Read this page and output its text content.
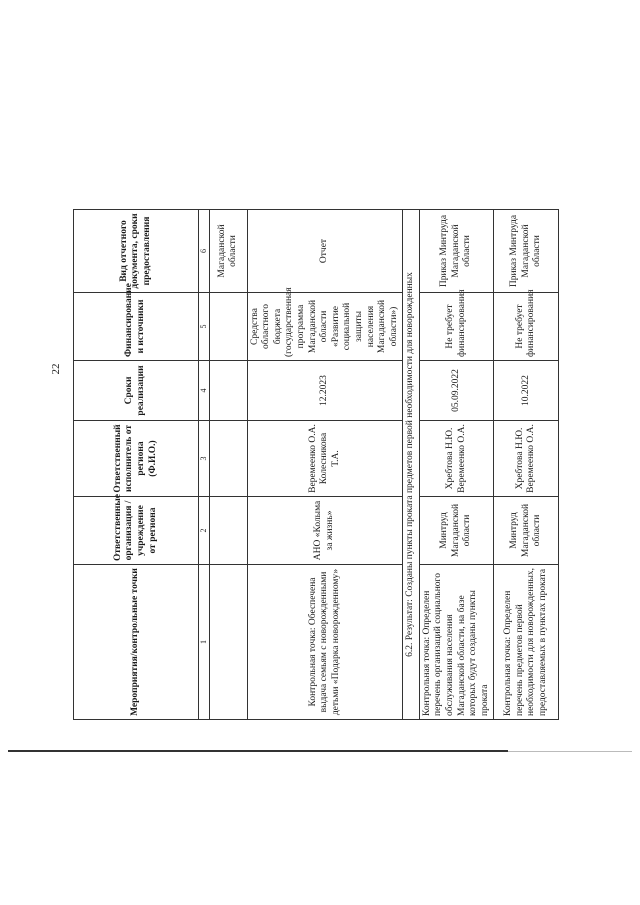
22
Мероприятия/контрольные точки	Ответственные организация / учреждение от региона	Ответственный исполнитель от региона (Ф.И.О.)	Сроки реализации	Финансирование и источники	Вид отчетного документа, сроки предоставления	
1	2	3	4	5	6	
					Магаданской области	
Контрольная точка: Обеспечена выдача семьям с новорожденными детьми «Подарка новорожденному»	АНО «Колыма за жизнь»	Веремеенко О.А. Колесникова Т.А.	12.2023	Средства областного бюджета (государственная программа Магаданской области «Развитие социальной защиты населения Магаданской области»)	Отчет	
6.2. Результат: Созданы пункты проката предметов первой необходимости для новорожденных						
Контрольная точка: Определен перечень организаций социального обслуживания населения Магаданской области, на базе которых будут созданы пункты проката	Минтруд Магаданской области	Хребтова Н.Ю. Веремеенко О.А.	05.09.2022	Не требует финансирования	Приказ Минтруда Магаданской области	
Контрольная точка: Определен перечень предметов первой необходимости для новорожденных, предоставляемых в пунктах проката	Минтруд Магаданской области	Хребтова Н.Ю. Веремеенко О.А.	10.2022	Не требует финансирования	Приказ Минтруда Магаданской области	
